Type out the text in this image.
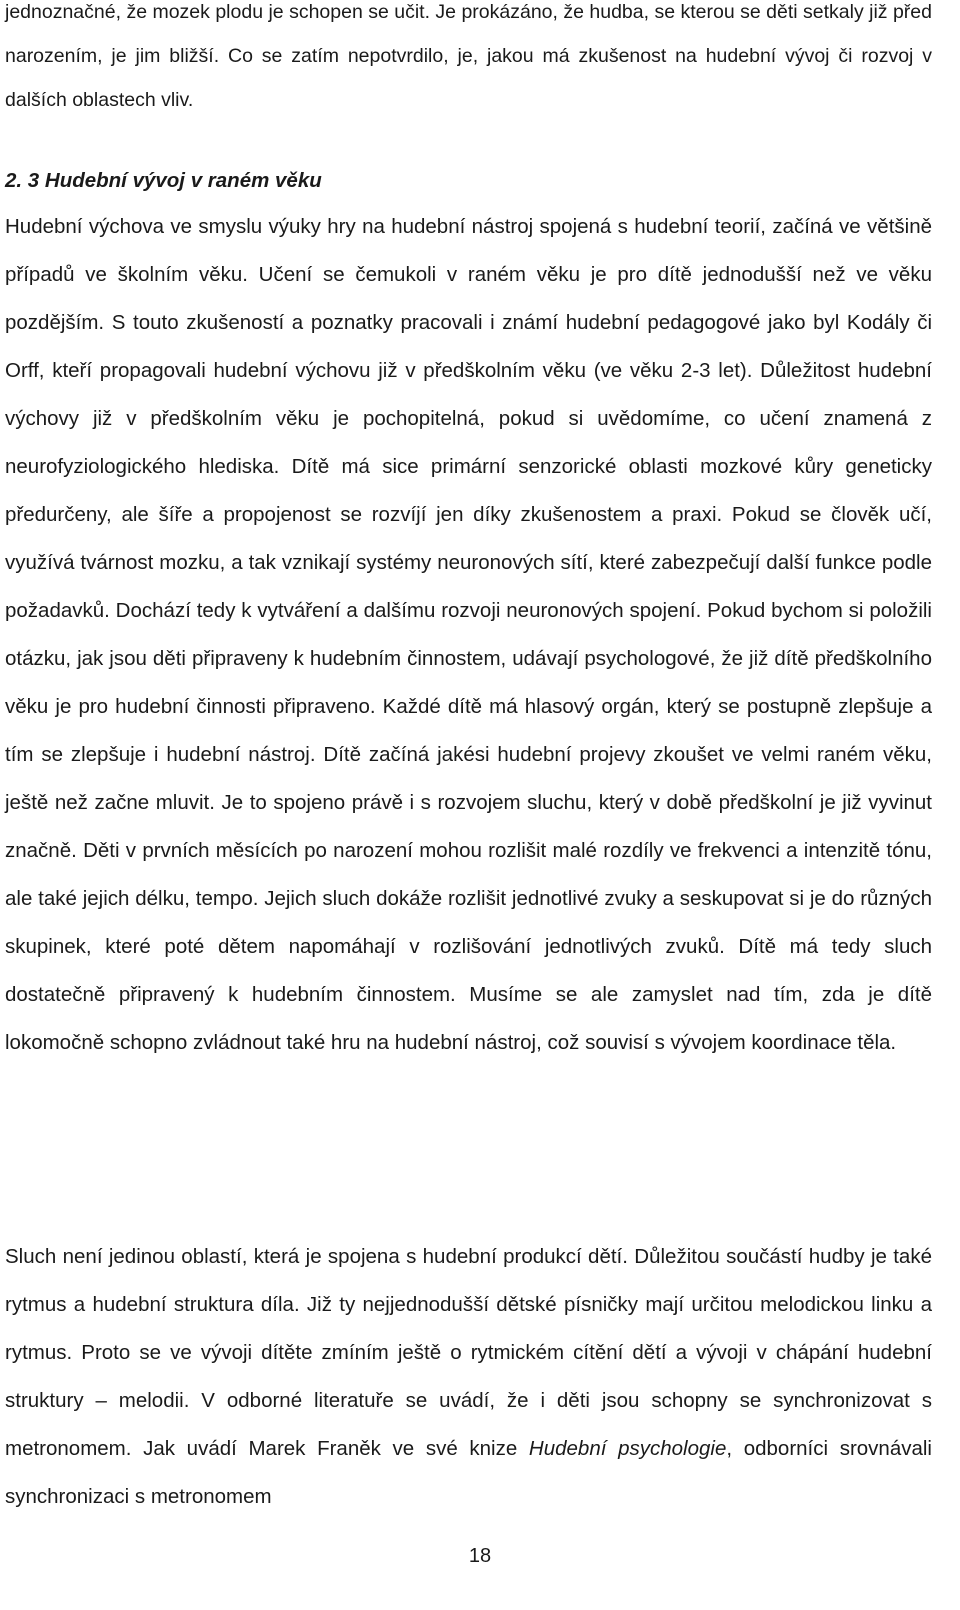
jednoznačné, že mozek plodu je schopen se učit. Je prokázáno, že hudba, se kterou se děti setkaly již před narozením, je jim bližší. Co se zatím nepotvrdilo, je, jakou má zkušenost na hudební vývoj či rozvoj v dalších oblastech vliv.

2. 3 Hudební vývoj v raném věku

Hudební výchova ve smyslu výuky hry na hudební nástroj spojená s hudební teorií, začíná ve většině případů ve školním věku. Učení se čemukoli v raném věku je pro dítě jednodušší než ve věku pozdějším. S touto zkušeností a poznatky pracovali i známí hudební pedagogové jako byl Kodály či Orff, kteří propagovali hudební výchovu již v předškolním věku (ve věku 2-3 let). Důležitost hudební výchovy již v předškolním věku je pochopitelná, pokud si uvědomíme, co učení znamená z neurofyziologického hlediska. Dítě má sice primární senzorické oblasti mozkové kůry geneticky předurčeny, ale šíře a propojenost se rozvíjí jen díky zkušenostem a praxi. Pokud se člověk učí, využívá tvárnost mozku, a tak vznikají systémy neuronových sítí, které zabezpečují další funkce podle požadavků. Dochází tedy k vytváření a dalšímu rozvoji neuronových spojení. Pokud bychom si položili otázku, jak jsou děti připraveny k hudebním činnostem, udávají psychologové, že již dítě předškolního věku je pro hudební činnosti připraveno. Každé dítě má hlasový orgán, který se postupně zlepšuje a tím se zlepšuje i hudební nástroj. Dítě začíná jakési hudební projevy zkoušet ve velmi raném věku, ještě než začne mluvit. Je to spojeno právě i s rozvojem sluchu, který v době předškolní je již vyvinut značně. Děti v prvních měsících po narození mohou rozlišit malé rozdíly ve frekvenci a intenzitě tónu, ale také jejich délku, tempo. Jejich sluch dokáže rozlišit jednotlivé zvuky a seskupovat si je do různých skupinek, které poté dětem napomáhají v rozlišování jednotlivých zvuků. Dítě má tedy sluch dostatečně připravený k hudebním činnostem. Musíme se ale zamyslet nad tím, zda je dítě lokomočně schopno zvládnout také hru na hudební nástroj, což souvisí s vývojem koordinace těla.

Sluch není jedinou oblastí, která je spojena s hudební produkcí dětí. Důležitou součástí hudby je také rytmus a hudební struktura díla. Již ty nejjednodušší dětské písničky mají určitou melodickou linku a rytmus. Proto se ve vývoji dítěte zmíním ještě o rytmickém cítění dětí a vývoji v chápání hudební struktury – melodii. V odborné literatuře se uvádí, že i děti jsou schopny se synchronizovat s metronomem. Jak uvádí Marek Franěk ve své knize Hudební psychologie, odborníci srovnávali synchronizaci s metronomem

18
